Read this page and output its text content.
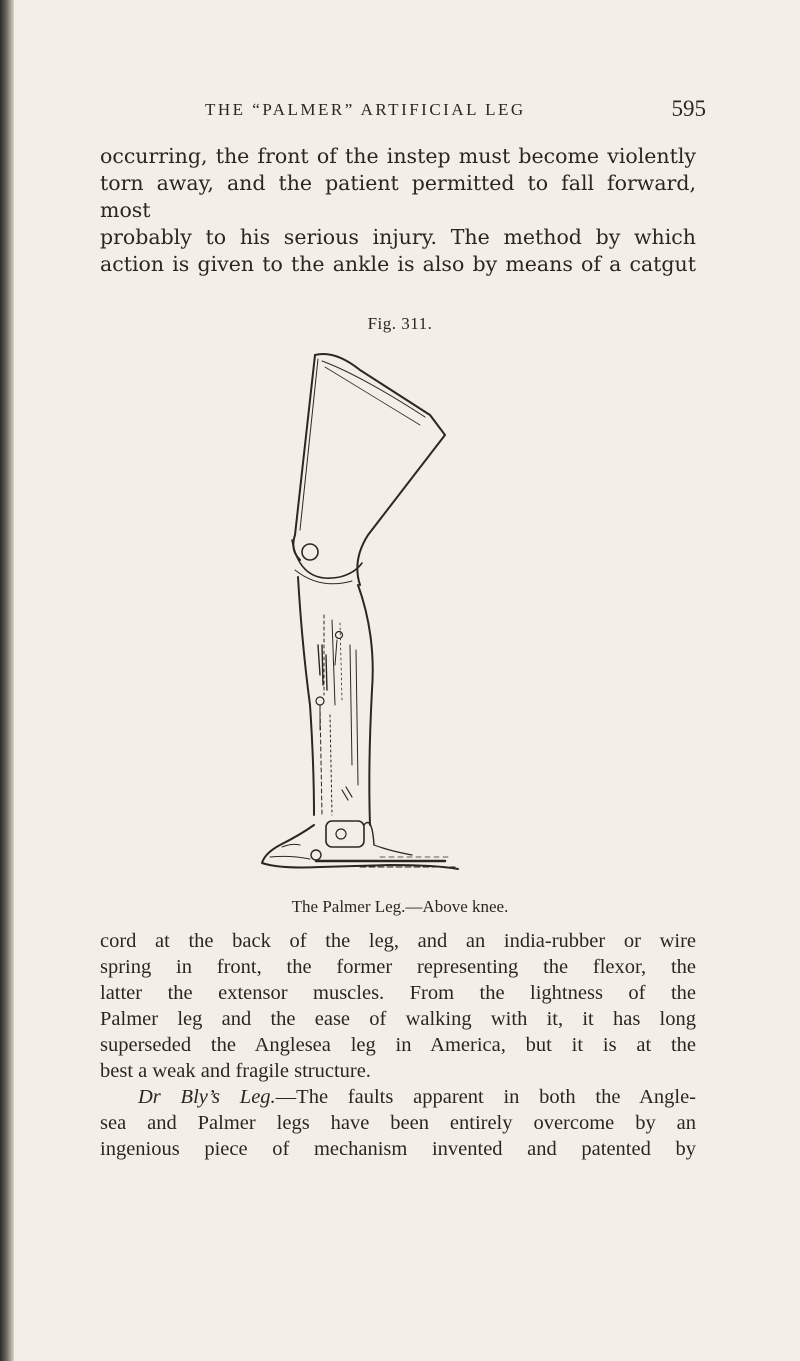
THE “PALMER” ARTIFICIAL LEG	595
occurring, the front of the instep must become violently
torn away, and the patient permitted to fall forward, most
probably to his serious injury. The method by which
action is given to the ankle is also by means of a catgut
Fig. 311.
The Palmer Leg.—Above knee.
cord at the back of the leg, and an india-rubber or wire
spring in front, the former representing the flexor, the
latter the extensor muscles. From the lightness of the
Palmer leg and the ease of walking with it, it has long
superseded the Anglesea leg in America, but it is at the
best a weak and fragile structure.
Dr Bly’s Leg.—The faults apparent in both the Angle-
sea and Palmer legs have been entirely overcome by an
ingenious piece of mechanism invented and patented by
